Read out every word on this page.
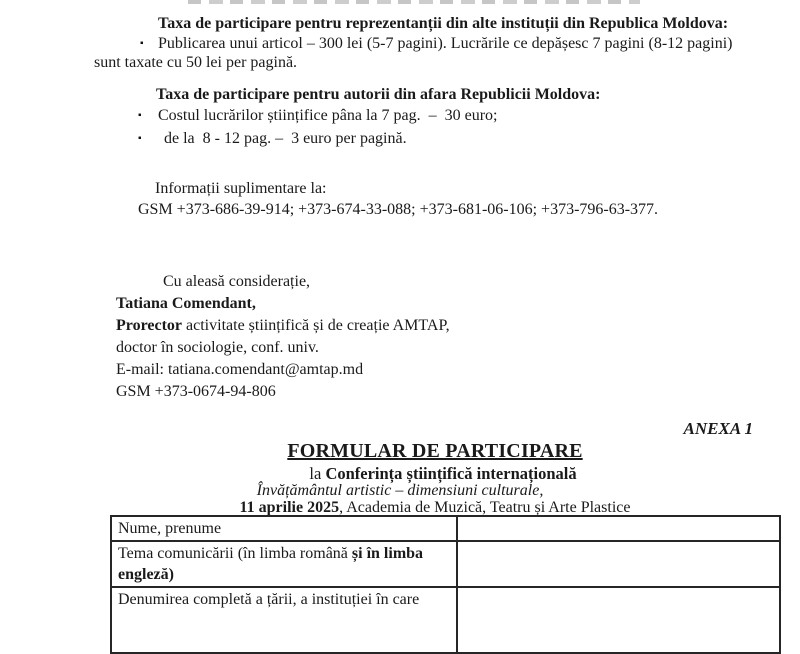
Taxa de participare pentru reprezentanții din alte instituții din Republica Moldova:
▪ Publicarea unui articol – 300 lei (5-7 pagini). Lucrările ce depășesc 7 pagini (8-12 pagini)
sunt taxate cu 50 lei per pagină.
Taxa de participare pentru autorii din afara Republicii Moldova:
▪ Costul lucrărilor științifice pâna la 7 pag.  –  30 euro;
▪ de la  8 - 12 pag. –  3 euro per pagină.
Informații suplimentare la:
GSM +373-686-39-914; +373-674-33-088; +373-681-06-106; +373-796-63-377.
Cu aleasă considerație,
Tatiana Comendant,
Prorector activitate științifică și de creație AMTAP,
doctor în sociologie, conf. univ.
E-mail: tatiana.comendant@amtap.md
GSM +373-0674-94-806
ANEXA 1
FORMULAR DE PARTICIPARE
la Conferința științifică internațională
Învățământul artistic – dimensiuni culturale,
11 aprilie 2025, Academia de Muzică, Teatru și Arte Plastice
Nume, prenume	
Tema comunicării (în limba română și în limba engleză)	
Denumirea completă a țării, a instituției în care	
